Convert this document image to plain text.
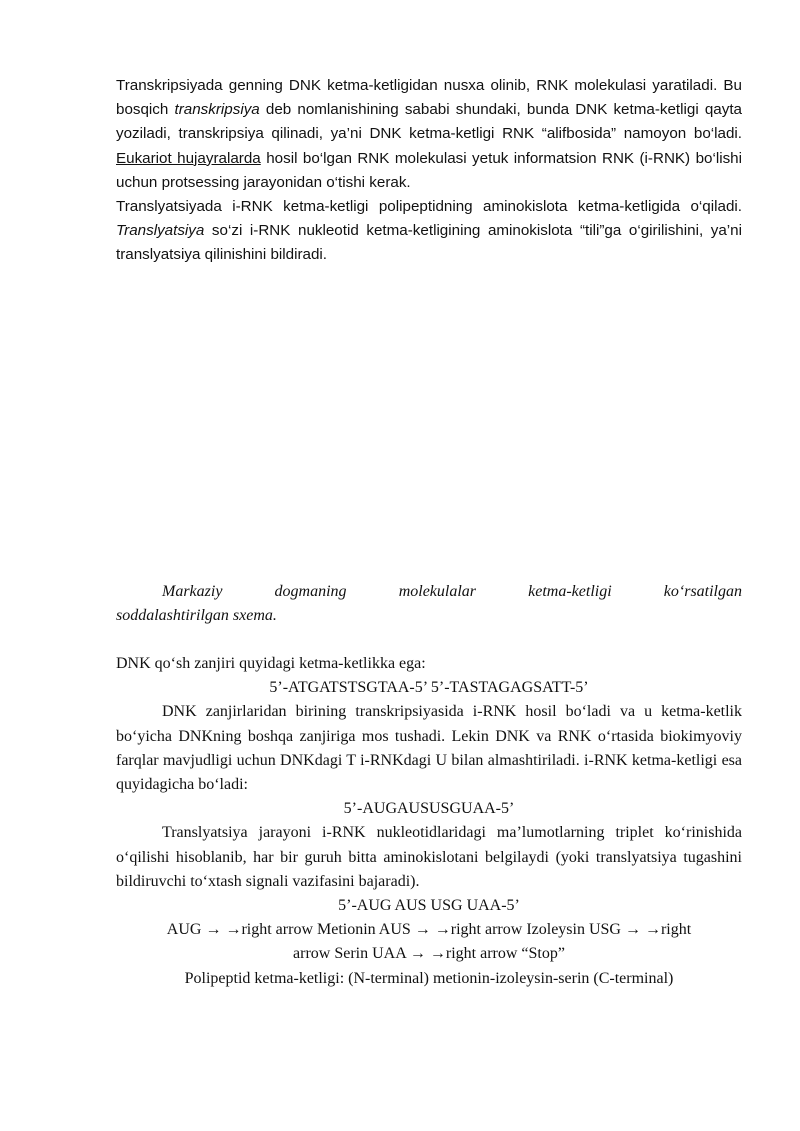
Transkripsiyada genning DNK ketma-ketligidan nusxa olinib, RNK molekulasi yaratiladi. Bu bosqich transkripsiya deb nomlanishining sababi shundaki, bunda DNK ketma-ketligi qayta yoziladi, transkripsiya qilinadi, ya’ni DNK ketma-ketligi RNK “alifbosida” namoyon bo‘ladi. Eukariot hujayralarda hosil bo‘lgan RNK molekulasi yetuk informatsion RNK (i-RNK) bo‘lishi uchun protsessing jarayonidan o‘tishi kerak.

Translyatsiyada i-RNK ketma-ketligi polipeptidning aminokislota ketma-ketligida o‘qiladi. Translyatsiya so‘zi i-RNK nukleotid ketma-ketligining aminokislota “tili”ga o‘girilishini, ya’ni translyatsiya qilinishini bildiradi.

Markaziy dogmaning molekulalar ketma-ketligi ko‘rsatilgan

soddalashtirilgan sxema.

DNK qo‘sh zanjiri quyidagi ketma-ketlikka ega:

5’-ATGATSTSGTAA-5’ 5’-TASTAGAGSATT-5’

DNK zanjirlaridan birining transkripsiyasida i-RNK hosil bo‘ladi va u ketma-ketlik bo‘yicha DNKning boshqa zanjiriga mos tushadi. Lekin DNK va RNK o‘rtasida biokimyoviy farqlar mavjudligi uchun DNKdagi T i-RNKdagi U bilan almashtiriladi. i-RNK ketma-ketligi esa quyidagicha bo‘ladi:

5’-AUGAUSUSGUAA-5’

Translyatsiya jarayoni i-RNK nukleotidlaridagi ma’lumotlarning triplet ko‘rinishida o‘qilishi hisoblanib, har bir guruh bitta aminokislotani belgilaydi (yoki translyatsiya tugashini bildiruvchi to‘xtash signali vazifasini bajaradi).

5’-AUG AUS USG UAA-5’

AUG → →right arrow Metionin AUS → →right arrow Izoleysin USG → →right

arrow Serin UAA → →right arrow “Stop”

Polipeptid ketma-ketligi: (N-terminal) metionin-izoleysin-serin (C-terminal)
